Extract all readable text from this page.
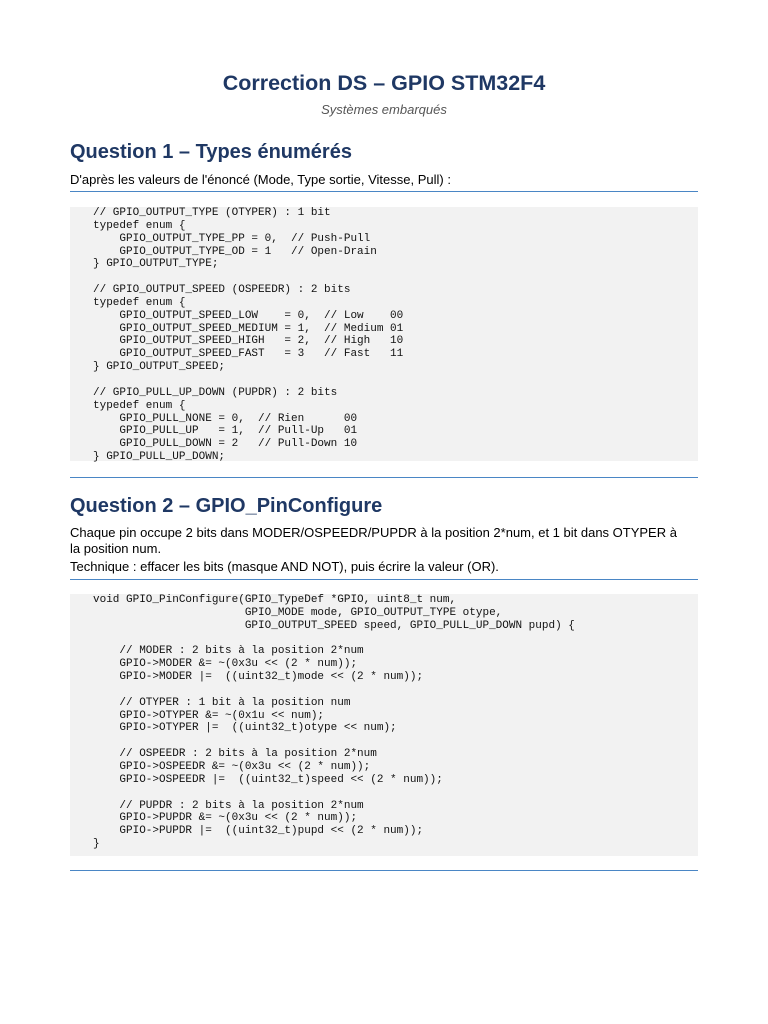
Correction DS – GPIO STM32F4
Systèmes embarqués
Question 1 – Types énumérés

D'après les valeurs de l'énoncé (Mode, Type sortie, Vitesse, Pull) :

// GPIO_OUTPUT_TYPE (OTYPER) : 1 bit
typedef enum {
GPIO_OUTPUT_TYPE_PP = 0,  // Push-Pull
GPIO_OUTPUT_TYPE_OD = 1   // Open-Drain
} GPIO_OUTPUT_TYPE;

// GPIO_OUTPUT_SPEED (OSPEEDR) : 2 bits
typedef enum {
GPIO_OUTPUT_SPEED_LOW    = 0,  // Low    00
GPIO_OUTPUT_SPEED_MEDIUM = 1,  // Medium 01
GPIO_OUTPUT_SPEED_HIGH   = 2,  // High   10
GPIO_OUTPUT_SPEED_FAST   = 3   // Fast   11
} GPIO_OUTPUT_SPEED;

// GPIO_PULL_UP_DOWN (PUPDR) : 2 bits
typedef enum {
GPIO_PULL_NONE = 0,  // Rien      00
GPIO_PULL_UP   = 1,  // Pull-Up   01
GPIO_PULL_DOWN = 2   // Pull-Down 10
} GPIO_PULL_UP_DOWN;
Question 2 – GPIO_PinConfigure

Chaque pin occupe 2 bits dans MODER/OSPEEDR/PUPDR à la position 2*num, et 1 bit dans OTYPER à la position num.

Technique : effacer les bits (masque AND NOT), puis écrire la valeur (OR).

void GPIO_PinConfigure(GPIO_TypeDef *GPIO, uint8_t num,
GPIO_MODE mode, GPIO_OUTPUT_TYPE otype,
GPIO_OUTPUT_SPEED speed, GPIO_PULL_UP_DOWN pupd) {

// MODER : 2 bits à la position 2*num
GPIO->MODER &= ~(0x3u << (2 * num));
GPIO->MODER |=  ((uint32_t)mode << (2 * num));

// OTYPER : 1 bit à la position num
GPIO->OTYPER &= ~(0x1u << num);
GPIO->OTYPER |=  ((uint32_t)otype << num);

// OSPEEDR : 2 bits à la position 2*num
GPIO->OSPEEDR &= ~(0x3u << (2 * num));
GPIO->OSPEEDR |=  ((uint32_t)speed << (2 * num));

// PUPDR : 2 bits à la position 2*num
GPIO->PUPDR &= ~(0x3u << (2 * num));
GPIO->PUPDR |=  ((uint32_t)pupd << (2 * num));
}
